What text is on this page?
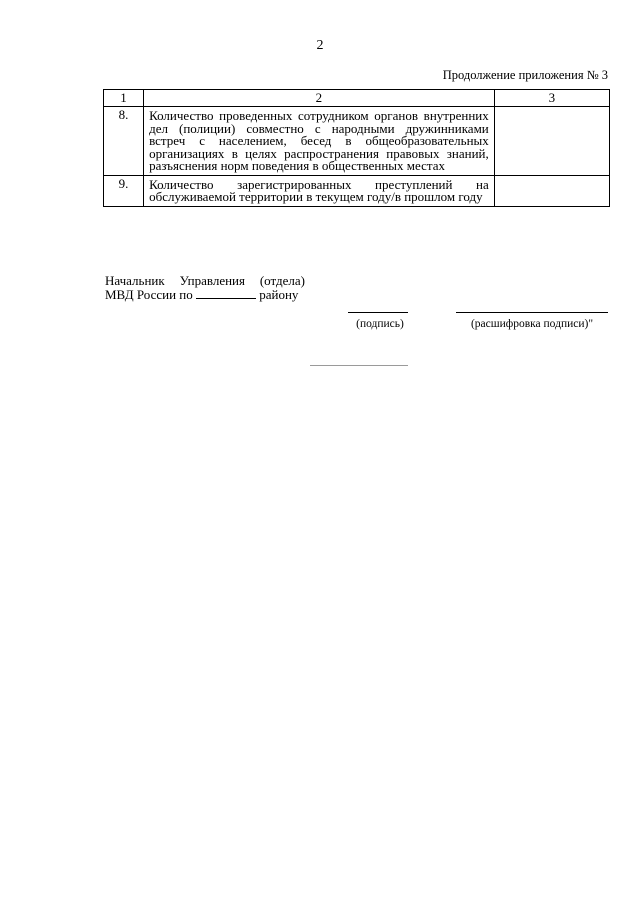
2
Продолжение приложения № 3
1	2	3
8.	Количество проведенных сотрудником органов внутренних дел (полиции) совместно с народными дружинниками встреч с населением, бесед в общеобразовательных организациях в целях распространения правовых знаний, разъяснения норм поведения в общественных местах	
9.	Количество зарегистрированных преступлений на обслуживаемой территории в текущем году/в прошлом году	
Начальник Управления (отдела) МВД России по	району
(подпись)	(расшифровка подписи)"
